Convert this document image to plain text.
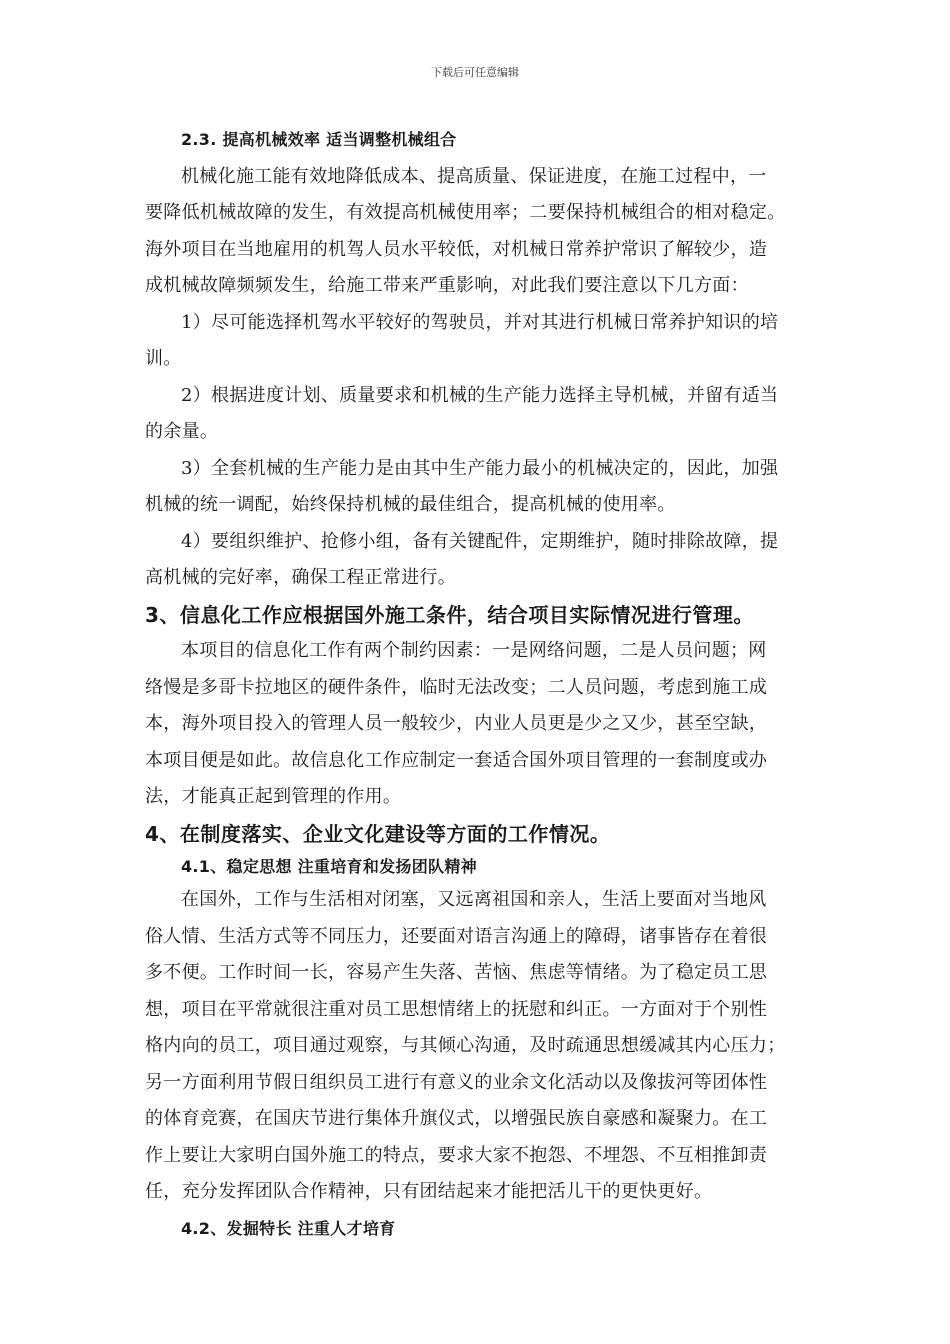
下载后可任意编辑
2.3. 提高机械效率 适当调整机械组合
机械化施工能有效地降低成本、提高质量、保证进度，在施工过程中，一
要降低机械故障的发生，有效提高机械使用率；二要保持机械组合的相对稳定。
海外项目在当地雇用的机驾人员水平较低，对机械日常养护常识了解较少，造
成机械故障频频发生，给施工带来严重影响，对此我们要注意以下几方面：
1）尽可能选择机驾水平较好的驾驶员，并对其进行机械日常养护知识的培
训。
2）根据进度计划、质量要求和机械的生产能力选择主导机械，并留有适当
的余量。
3）全套机械的生产能力是由其中生产能力最小的机械决定的，因此，加强
机械的统一调配，始终保持机械的最佳组合，提高机械的使用率。
4）要组织维护、抢修小组，备有关键配件，定期维护，随时排除故障，提
高机械的完好率，确保工程正常进行。
3、信息化工作应根据国外施工条件，结合项目实际情况进行管理。
本项目的信息化工作有两个制约因素：一是网络问题，二是人员问题；网
络慢是多哥卡拉地区的硬件条件，临时无法改变；二人员问题，考虑到施工成
本，海外项目投入的管理人员一般较少，内业人员更是少之又少，甚至空缺，
本项目便是如此。故信息化工作应制定一套适合国外项目管理的一套制度或办
法，才能真正起到管理的作用。
4、在制度落实、企业文化建设等方面的工作情况。
4.1、稳定思想 注重培育和发扬团队精神
在国外，工作与生活相对闭塞，又远离祖国和亲人，生活上要面对当地风
俗人情、生活方式等不同压力，还要面对语言沟通上的障碍，诸事皆存在着很
多不便。工作时间一长，容易产生失落、苦恼、焦虑等情绪。为了稳定员工思
想，项目在平常就很注重对员工思想情绪上的抚慰和纠正。一方面对于个别性
格内向的员工，项目通过观察，与其倾心沟通，及时疏通思想缓减其内心压力；
另一方面利用节假日组织员工进行有意义的业余文化活动以及像拔河等团体性
的体育竞赛，在国庆节进行集体升旗仪式，以增强民族自豪感和凝聚力。在工
作上要让大家明白国外施工的特点，要求大家不抱怨、不埋怨、不互相推卸责
任，充分发挥团队合作精神，只有团结起来才能把活儿干的更快更好。
4.2、发掘特长 注重人才培育
